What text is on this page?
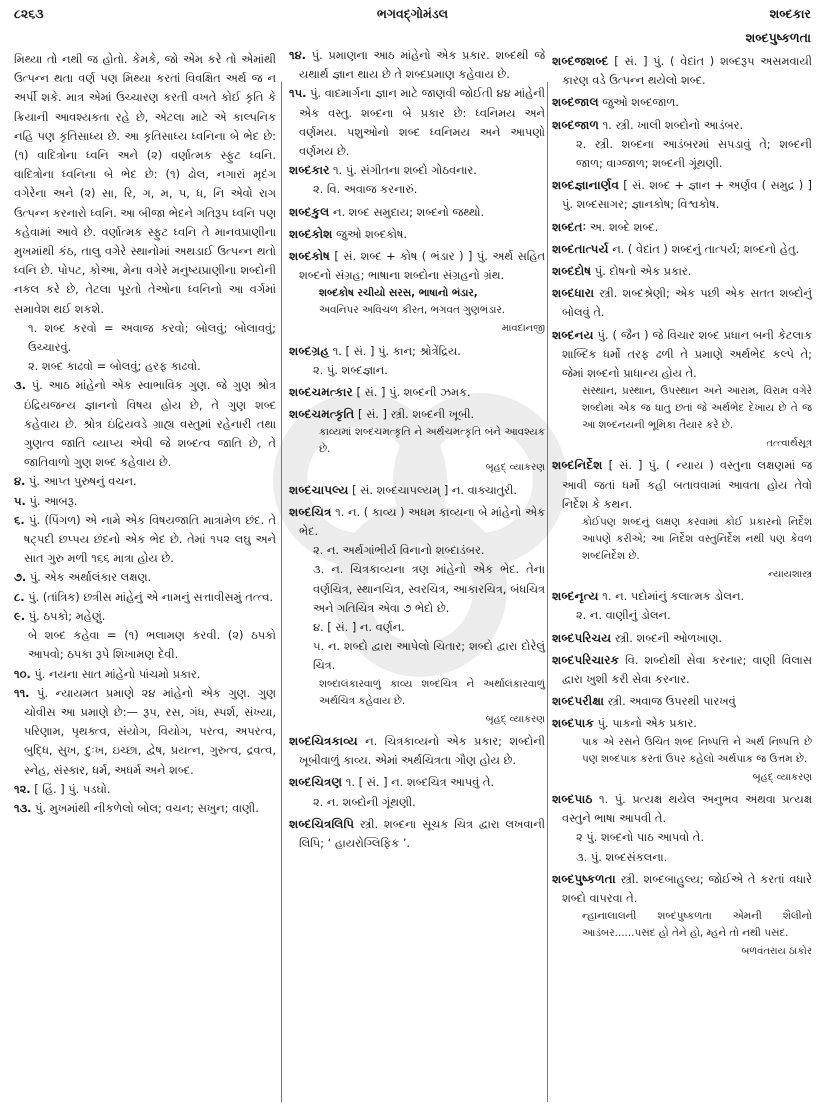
૮૨૬૩	ભગવદ્ગોમંડલ	શબ્દકાર
શબ્દપુષ્કળતા

મિથ્યા તો નથી જ હોતો. કેમકે, જો એમ કરે તો એમાંથી ઉત્પન્ન થતા વર્ણ પણ મિથ્યા કરતાં વિવક્ષિત અર્થ જ ન અર્પી શકે. માત્ર એમાં ઉચ્ચારણ કરતી વખતે કોઈ કૃતિ કે ક્રિયાની આવશ્યકતા રહે છે, એટલા માટે એ કાલ્પનિક નહિ પણ કૃતિસાધ્ય છે. આ કૃતિસાધ્ય ધ્વનિના બે ભેદ છે: (૧) વાદિત્રોના ધ્વનિ અને (૨) વર્ણાત્મક સ્ફુટ ધ્વનિ. વાદિત્રોના ધ્વનિના બે ભેદ છે: (૧) ઢોલ, નગારાં મૃદંગ વગેરેના અને (૨) સા, રિ, ગ, મ, પ, ધ, નિ એવો રાગ ઉત્પન્ન કરનારો ધ્વનિ. આ બીજા ભેદને ગતિરૂપ ધ્વનિ પણ કહેવામાં આવે છે. વર્ણાત્મક સ્ફુટ ધ્વનિ તે માનવપ્રાણીના મુખમાંથી કંઠ, તાલુ વગેરે સ્થાનોમાં અથડાઈ ઉત્પન્ન થતો ધ્વનિ છે. પોપટ, કોઆ, મેના વગેરે મનુષ્યપ્રાણીના શબ્દોની નકલ કરે છે, તેટલા પૂરતો તેઓના ધ્વનિનો આ વર્ગમાં સમાવેશ થઈ શકશે.

૧. શબ્દ કરવો = અવાજ કરવો; બોલવું; બોલાવવું; ઉચ્ચારવું.

૨. શબ્દ કાઢવો = બોલવું; હરફ કાઢવો.

૩. પું. આઠ માંહેનો એક સ્વાભાવિક ગુણ. જે ગુણ શ્રોત્ર ઇંદ્રિયજન્ય જ્ઞાનનો વિષય હોય છે, તે ગુણ શબ્દ કહેવાય છે. શ્રોત્ર ઇંદ્રિયવડે ગ્રાહ્ય વસ્તુમાં રહેનારી તથા ગુણત્વ જાતિ વ્યાપ્ય એવી જે શબ્દત્વ જાતિ છે, તે જાતિવાળો ગુણ શબ્દ કહેવાય છે.

૪. પું. આપ્ત પુરુષનું વચન.

૫. પું. આબરૂ.

૬. પું. (પિંગળ) એ નામે એક વિષયજાતિ માત્રામેળ છંદ. તે ષટ્પદી છપ્પય છંદનો એક ભેદ છે. તેમાં ૧૫૨ લઘુ અને સાત ગુરુ મળી ૧૬૬ માત્રા હોય છે.

૭. પું. એક અર્થાલંકાર લક્ષણ.

૮. પું. (તાંત્રિક) છત્રીસ માંહેનું એ નામનું સત્તાવીસમું તત્ત્વ.

૯. પું. ઠપકો; મહેણું.

બે શબ્દ કહેવા = (૧) ભલામણ કરવી. (૨) ઠપકો આપવો; ઠપકા રૂપે શિખામણ દેવી.

૧૦. પું. નયના સાત માંહેનો પાંચમો પ્રકાર.

૧૧. પું. ન્યાયમત પ્રમાણે ૨૪ માંહેનો એક ગુણ. ગુણ ચોવીસ આ પ્રમાણે છે:— રૂપ, રસ, ગંધ, સ્પર્શ, સંખ્યા, પરિણામ, પૃથક્ત્વ, સંયોગ, વિયોગ, પરત્વ, અપરત્વ, બુદ્ધિ, સુખ, દુઃખ, ઇચ્છા, દ્વેષ, પ્રયત્ન, ગુરુત્વ, દ્રવત્વ, સ્નેહ, સંસ્કાર, ધર્મ, અધર્મ અને શબ્દ.

૧૨. [ હિં. ] પું. પડઘો.

૧૩. પું. મુખમાંથી નીકળેલો બોલ; વચન; સખુન; વાણી.

૧૪. પું. પ્રમાણના આઠ માંહેનો એક પ્રકાર. શબ્દથી જે યથાર્થ જ્ઞાન થાય છે તે શબ્દપ્રમાણ કહેવાય છે.

૧૫. પું. વાદમાર્ગના જ્ઞાન માટે જાણવી જોઈતી ૪૪ માંહેની એક વસ્તુ. શબ્દના બે પ્રકાર છે: ધ્વનિમય અને વર્ણમય. પશુઓનો શબ્દ ધ્વનિમય અને આપણો વર્ણમય છે.

શબ્દકાર ૧. પું. સંગીતના શબ્દો ગોઠવનાર.

૨. વિ. અવાજ કરનારું.

શબ્દકુલ ન. શબ્દ સમુદાય; શબ્દનો જથ્થો.
શબ્દકોશ જુઓ શબ્દકોષ.
શબ્દકોષ [ સં. શબ્દ + કોષ ( ભંડાર ) ] પું. અર્થ સહિત શબ્દનો સંગ્રહ; ભાષાના શબ્દોના સંગ્રહનો ગ્રંથ.

શબ્દકોષ રચીયો સરસ, ભાષાનો ભંડાર,

અવનિપર અવિચળ કીરત, ભગવત ગુણભંડાર.

માવદાનજી

શબ્દગ્રહ ૧. [ સં. ] પું. કાન; શ્રોત્રેંદ્રિય.

૨. પું. શબ્દજ્ઞાન.

શબ્દચમત્કાર [ સં. ] પું. શબ્દની ઝમક.
શબ્દચમત્કૃતિ [ સં. ] સ્ત્રી. શબ્દની ખૂબી.

કાવ્યમાં શબ્દચમત્કૃતિ ને અર્થચમત્કૃતિ બંને આવશ્યક છે.

બૃહદ્ વ્યાકરણ

શબ્દચાપલ્ય [ સં. શબ્દચાપલ્યમ્ ] ન. વાક્ચાતુરી.
શબ્દચિત્ર ૧. ન. ( કાવ્ય ) અધમ કાવ્યના બે માંહેનો એક ભેદ.

૨. ન. અર્થગાંભીર્ય વિનાનો શબ્દાડંબર.

૩. ન. ચિત્રકાવ્યના ત્રણ માંહેનો એક ભેદ. તેના વર્ણચિત્ર, સ્થાનચિત્ર, સ્વરચિત્ર, આકારચિત્ર, બંધચિત્ર અને ગતિચિત્ર એવા ૭ ભેદો છે.

૪. [ સં. ] ન. વર્ણન.

૫. ન. શબ્દો દ્વારા આપેલો ચિતાર; શબ્દો દ્વારા દોરેલું ચિત્ર.

શબ્દાલંકારવાળું કાવ્ય શબ્દચિત્ર ને અર્થાલંકારવાળું અર્થચિત્ર કહેવાય છે.

બૃહદ્ વ્યાકરણ

શબ્દચિત્રકાવ્ય ન. ચિત્રકાવ્યનો એક પ્રકાર; શબ્દોની ખૂબીવાળું કાવ્ય. એમાં અર્થચિત્રતા ગૌણ હોય છે.
શબ્દચિત્રણ ૧. [ સં. ] ન. શબ્દચિત્ર આપવું તે.

૨. ન. શબ્દોની ગૂંથણી.

શબ્દચિત્રલિપિ સ્ત્રી. શબ્દના સૂચક ચિત્ર દ્વારા લખવાની લિપિ; ‘ હાયરોગ્લિફિક ’.
શબ્દજશબ્દ [ સં. ] પું. ( વેદાંત ) શબ્દરૂપ અસમવાયી કારણ વડે ઉત્પન્ન થયેલો શબ્દ.
શબ્દજાલ જુઓ શબ્દજાળ.
શબ્દજાળ ૧. સ્ત્રી. ખાલી શબ્દોનો આડંબર.

૨. સ્ત્રી. શબ્દના આડંબરમાં સપડાવું તે; શબ્દની જાળ; વાગ્જાળ; શબ્દની ગૂંથણી.

શબ્દજ્ઞાનાર્ણવ [ સં. શબ્દ + જ્ઞાન + અર્ણવ ( સમુદ્ર ) ] પું. શબ્દસાગર; જ્ઞાનકોષ; વિશ્વકોષ.
શબ્દતઃ અ. શબ્દે શબ્દ.
શબ્દતાત્પર્ય ન. ( વેદાંત ) શબ્દનું તાત્પર્ય; શબ્દનો હેતુ.
શબ્દદોષ પું. દોષનો એક પ્રકાર.
શબ્દધારા સ્ત્રી. શબ્દશ્રેણી; એક પછી એક સતત શબ્દોનું બોલવું તે.
શબ્દનય પું. ( જૈન ) જે વિચાર શબ્દ પ્રધાન બની કેટલાક શાબ્દિક ધર્મો તરફ ઢળી તે પ્રમાણે અર્થભેદ કલ્પે તે; જેમાં શબ્દનો પ્રાધાન્ય હોય તે.

સંસ્થાન, પ્રસ્થાન, ઉપસ્થાન અને આરામ, વિરામ વગેરે શબ્દોમાં એક જ ધાતુ છતાં જે અર્થભેદ દેખાય છે તે જ આ શબ્દનયની ભૂમિકા તૈયાર કરે છે.

તત્ત્વાર્થસૂત્ર

શબ્દનિર્દેશ [ સં. ] પું. ( ન્યાય ) વસ્તુના લક્ષણમાં જ આવી જતાં ધર્મો કહી બતાવવામાં આવતા હોય તેવો નિર્દેશ કે કથન.

કોઈપણ શબ્દનું લક્ષણ કરવામાં કોઈ પ્રકારનો નિર્દેશ આપણે કરીએ; આ નિર્દેશ વસ્તુનિર્દેશ નથી પણ કેવળ શબ્દનિર્દેશ છે.

ન્યાયશાસ્ત્ર

શબ્દનૃત્ય ૧. ન. પદોમાંનું કલાત્મક ડોલન.

૨. ન. વાણીનું ડોલન.

શબ્દપરિચય સ્ત્રી. શબ્દની ઓળખાણ.
શબ્દપરિચારક વિ. શબ્દોથી સેવા કરનાર; વાણી વિલાસ દ્વારા ખુશી કરી સેવા કરનાર.
શબ્દપરીક્ષા સ્ત્રી. અવાજ ઉપરથી પારખવું
શબ્દપાક પું. પાકનો એક પ્રકાર.

પાક એ રસને ઉચિત શબ્દ નિષ્પત્તિ ને અર્થ નિષ્પત્તિ છે પણ શબ્દપાક કરતાં ઉપર કહેલો અર્થપાક જ ઉત્તમ છે.

બૃહદ્ વ્યાકરણ

શબ્દપાઠ ૧. પું. પ્રત્યક્ષ થયેલ અનુભવ અથવા પ્રત્યક્ષ વસ્તુને ભાષા આપવી તે.

૨ પું. શબ્દનો પાઠ આપવો તે.

૩. પું. શબ્દસંકલના.

શબ્દપુષ્કળતા સ્ત્રી. શબ્દબાહુલ્ય; જોઈએ તે કરતાં વધારે શબ્દો વાપરવા તે.

ન્હાનાલાલની શબ્દપુષ્કળતા એમની શૈલીનો આડંબર......પસંદ હો તેને હો, મ્હને તો નથી પસંદ.

બળવંતરાય ઠાકોર
